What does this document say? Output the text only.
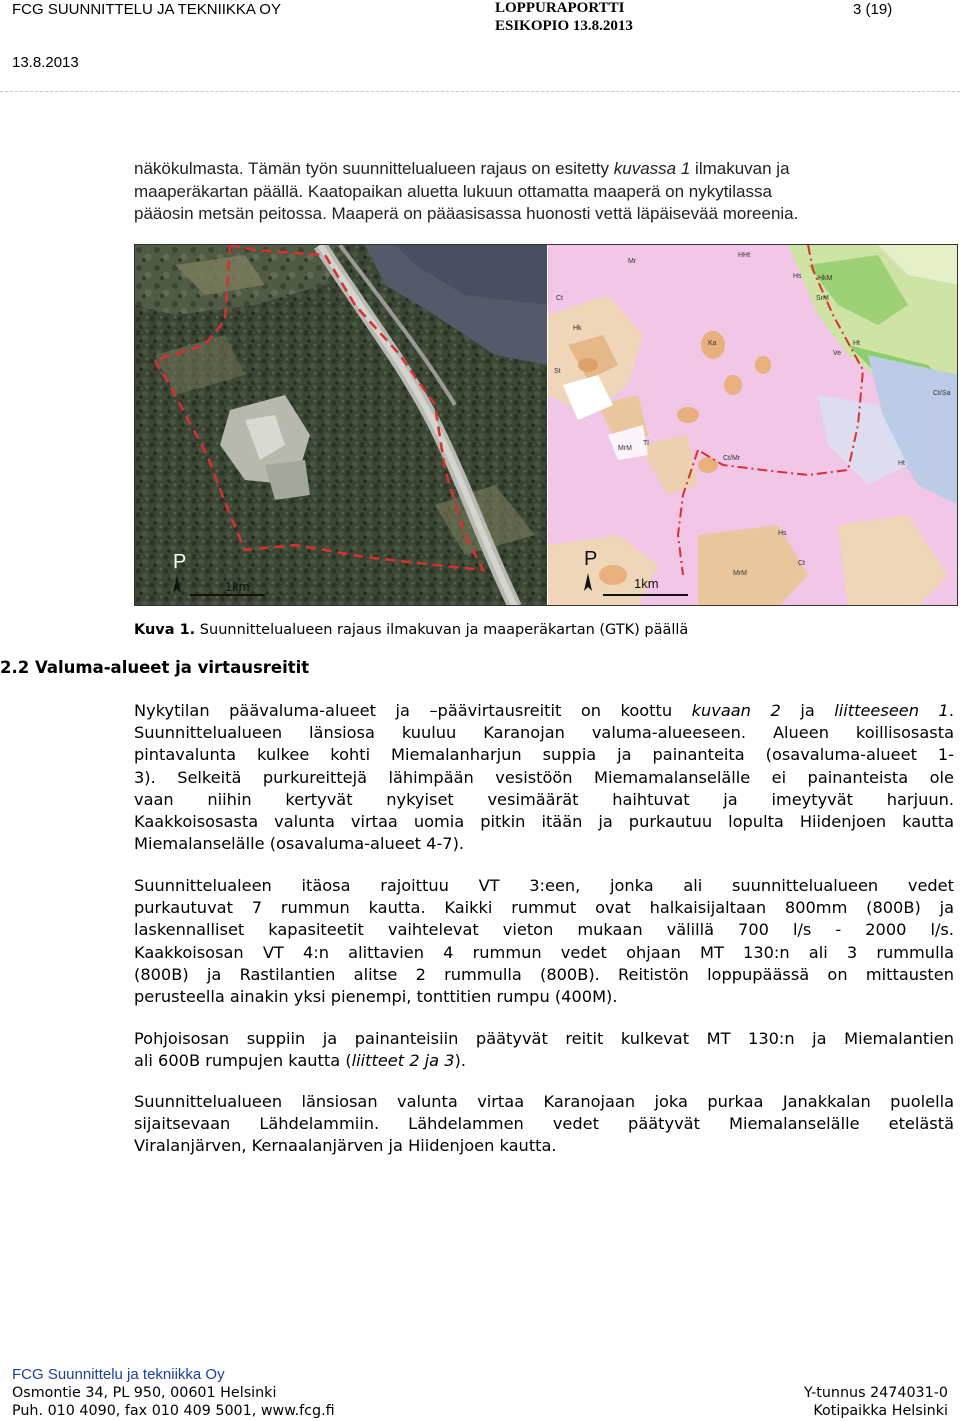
FCG SUUNNITTELU JA TEKNIIKKA OY	LOPPURAPORTTI
ESIKOPIO 13.8.2013
3 (19)
13.8.2013
näkökulmasta. Tämän työn suunnittelualueen rajaus on esitetty kuvassa 1 ilmakuvan ja
maaperäkartan päällä. Kaatopaikan aluetta lukuun ottamatta maaperä on nykytilassa
pääosin metsän peitossa. Maaperä on pääasisassa huonosti vettä läpäisevää moreenia.
P
1km
Mr
Ct
HHt
Hs
Ht
HkM
SrM
Ka
St
Ve
Ct/Sa
Tl
MrM
Ct/Mr
Hk
Ht
Ct
MrM
Hs
P
1km
Kuva 1. Suunnittelualueen rajaus ilmakuvan ja maaperäkartan (GTK) päällä
2.2 Valuma-alueet ja virtausreitit
Nykytilan päävaluma-alueet ja –päävirtausreitit on koottu kuvaan 2 ja liitteeseen 1.
Suunnittelualueen länsiosa kuuluu Karanojan valuma-alueeseen. Alueen koillisosasta
pintavalunta kulkee kohti Miemalanharjun suppia ja painanteita (osavaluma-alueet 1-
3). Selkeitä purkureittejä lähimpään vesistöön Miemamalanselälle ei painanteista ole
vaan niihin kertyvät nykyiset vesimäärät haihtuvat ja imeytyvät harjuun.
Kaakkoisosasta valunta virtaa uomia pitkin itään ja purkautuu lopulta Hiidenjoen kautta
Miemalanselälle (osavaluma-alueet 4-7).
Suunnittelualeen itäosa rajoittuu VT 3:een, jonka ali suunnittelualueen vedet
purkautuvat 7 rummun kautta. Kaikki rummut ovat halkaisijaltaan 800mm (800B) ja
laskennalliset kapasiteetit vaihtelevat vieton mukaan välillä 700 l/s - 2000 l/s.
Kaakkoisosan VT 4:n alittavien 4 rummun vedet ohjaan MT 130:n ali 3 rummulla
(800B) ja Rastilantien alitse 2 rummulla (800B). Reitistön loppupäässä on mittausten
perusteella ainakin yksi pienempi, tonttitien rumpu (400M).
Pohjoisosan suppiin ja painanteisiin päätyvät reitit kulkevat MT 130:n ja Miemalantien
ali 600B rumpujen kautta (liitteet 2 ja 3).
Suunnittelualueen länsiosan valunta virtaa Karanojaan joka purkaa Janakkalan puolella
sijaitsevaan Lähdelammiin. Lähdelammen vedet päätyvät Miemalanselälle etelästä
Viralanjärven, Kernaalanjärven ja Hiidenjoen kautta.
FCG Suunnittelu ja tekniikka Oy
Osmontie 34, PL 950, 00601 Helsinki
Puh. 010 4090, fax 010 409 5001, www.fcg.fi
Y-tunnus 2474031-0
Kotipaikka Helsinki
